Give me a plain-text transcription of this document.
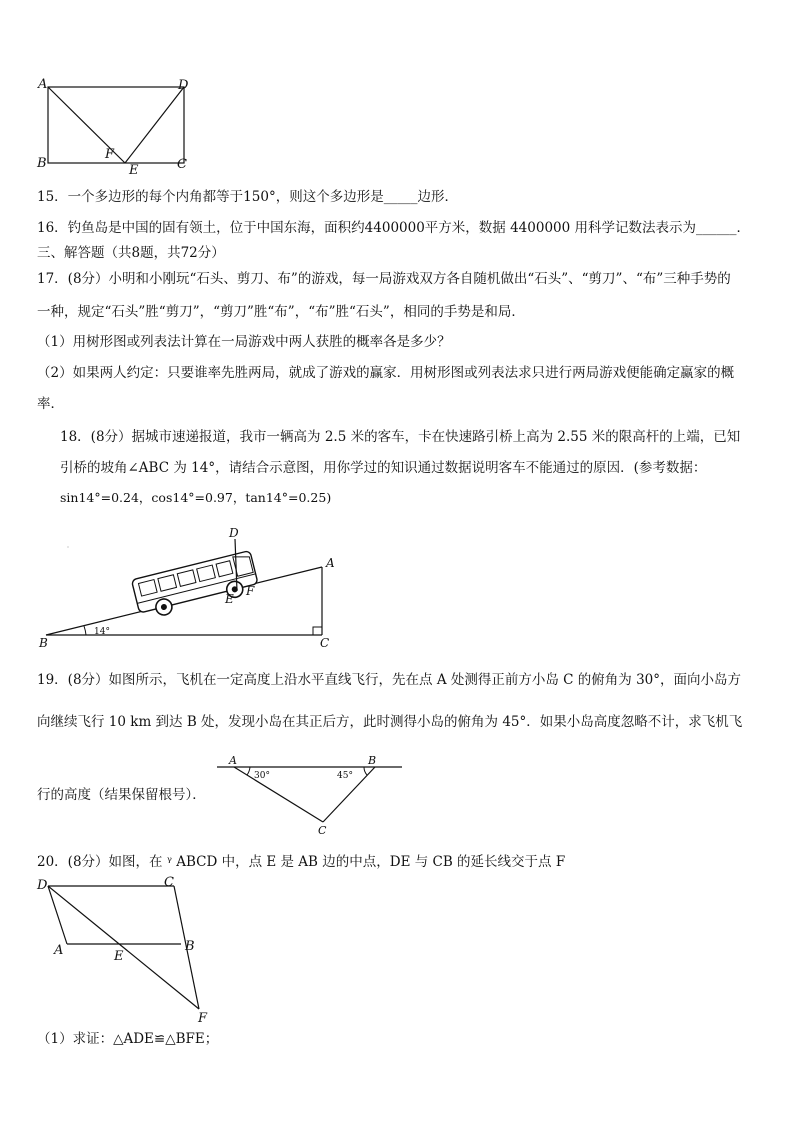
A	D
B
F
E	C
15．一个多边形的每个内角都等于150°，则这个多边形是_____边形．
16．钓鱼岛是中国的固有领土，位于中国东海，面积约4400000平方米，数据 4400000 用科学记数法表示为______．
三、解答题（共8题，共72分）
17．(8分）小明和小刚玩“石头、剪刀、布”的游戏，每一局游戏双方各自随机做出“石头”、“剪刀”、“布”三种手势的
一种，规定“石头”胜“剪刀”，“剪刀”胜“布”，“布”胜“石头”，相同的手势是和局．
（1）用树形图或列表法计算在一局游戏中两人获胜的概率各是多少？
（2）如果两人约定：只要谁率先胜两局，就成了游戏的赢家．用树形图或列表法求只进行两局游戏便能确定赢家的概
率．
18．(8分）据城市速递报道，我市一辆高为 2.5 米的客车，卡在快速路引桥上高为 2.55 米的限高杆的上端，已知
引桥的坡角∠ABC 为 14°，请结合示意图，用你学过的知识通过数据说明客车不能通过的原因．(参考数据：
sin14°=0.24，cos14°=0.97，tan14°=0.25)
D
A
E
F
B	C
14°
19．(8分）如图所示，飞机在一定高度上沿水平直线飞行，先在点 A 处测得正前方小岛 C 的俯角为 30°，面向小岛方
向继续飞行 10 km 到达 B 处，发现小岛在其正后方，此时测得小岛的俯角为 45°．如果小岛高度忽略不计，求飞机飞
行的高度（结果保留根号）．
A	B
C
30°	45°
20．(8分）如图，在 ᵞ ABCD 中，点 E 是 AB 边的中点，DE 与 CB 的延长线交于点 F
D	C
A	E
B
F
（1）求证：△ADE≌△BFE；
